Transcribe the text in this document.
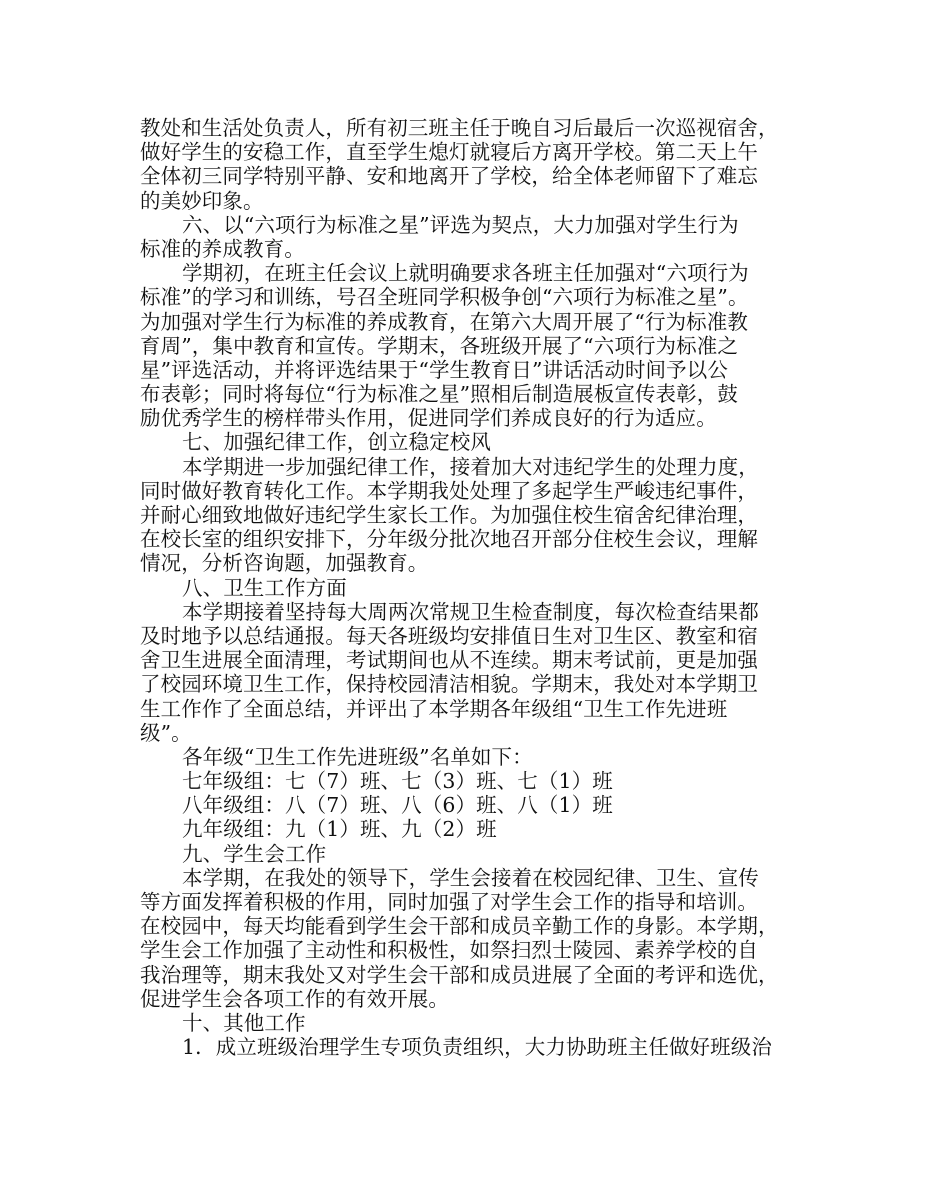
教处和生活处负责人，所有初三班主任于晚自习后最后一次巡视宿舍，
做好学生的安稳工作，直至学生熄灯就寝后方离开学校。第二天上午
全体初三同学特别平静、安和地离开了学校，给全体老师留下了难忘
的美妙印象。
六、以“六项行为标准之星”评选为契点，大力加强对学生行为
标准的养成教育。
学期初，在班主任会议上就明确要求各班主任加强对“六项行为
标准”的学习和训练，号召全班同学积极争创“六项行为标准之星”。
为加强对学生行为标准的养成教育，在第六大周开展了“行为标准教
育周”，集中教育和宣传。学期末，各班级开展了“六项行为标准之
星”评选活动，并将评选结果于“学生教育日”讲话活动时间予以公
布表彰；同时将每位“行为标准之星”照相后制造展板宣传表彰，鼓
励优秀学生的榜样带头作用，促进同学们养成良好的行为适应。
七、加强纪律工作，创立稳定校风
本学期进一步加强纪律工作，接着加大对违纪学生的处理力度，
同时做好教育转化工作。本学期我处处理了多起学生严峻违纪事件，
并耐心细致地做好违纪学生家长工作。为加强住校生宿舍纪律治理，
在校长室的组织安排下，分年级分批次地召开部分住校生会议，理解
情况，分析咨询题，加强教育。
八、卫生工作方面
本学期接着坚持每大周两次常规卫生检查制度，每次检查结果都
及时地予以总结通报。每天各班级均安排值日生对卫生区、教室和宿
舍卫生进展全面清理，考试期间也从不连续。期末考试前，更是加强
了校园环境卫生工作，保持校园清洁相貌。学期末，我处对本学期卫
生工作作了全面总结，并评出了本学期各年级组“卫生工作先进班
级”。
各年级“卫生工作先进班级”名单如下：
七年级组：七（7）班、七（3）班、七（1）班
八年级组：八（7）班、八（6）班、八（1）班
九年级组：九（1）班、九（2）班
九、学生会工作
本学期，在我处的领导下，学生会接着在校园纪律、卫生、宣传
等方面发挥着积极的作用，同时加强了对学生会工作的指导和培训。
在校园中，每天均能看到学生会干部和成员辛勤工作的身影。本学期，
学生会工作加强了主动性和积极性，如祭扫烈士陵园、素养学校的自
我治理等，期末我处又对学生会干部和成员进展了全面的考评和选优，
促进学生会各项工作的有效开展。
十、其他工作
1．成立班级治理学生专项负责组织，大力协助班主任做好班级治
